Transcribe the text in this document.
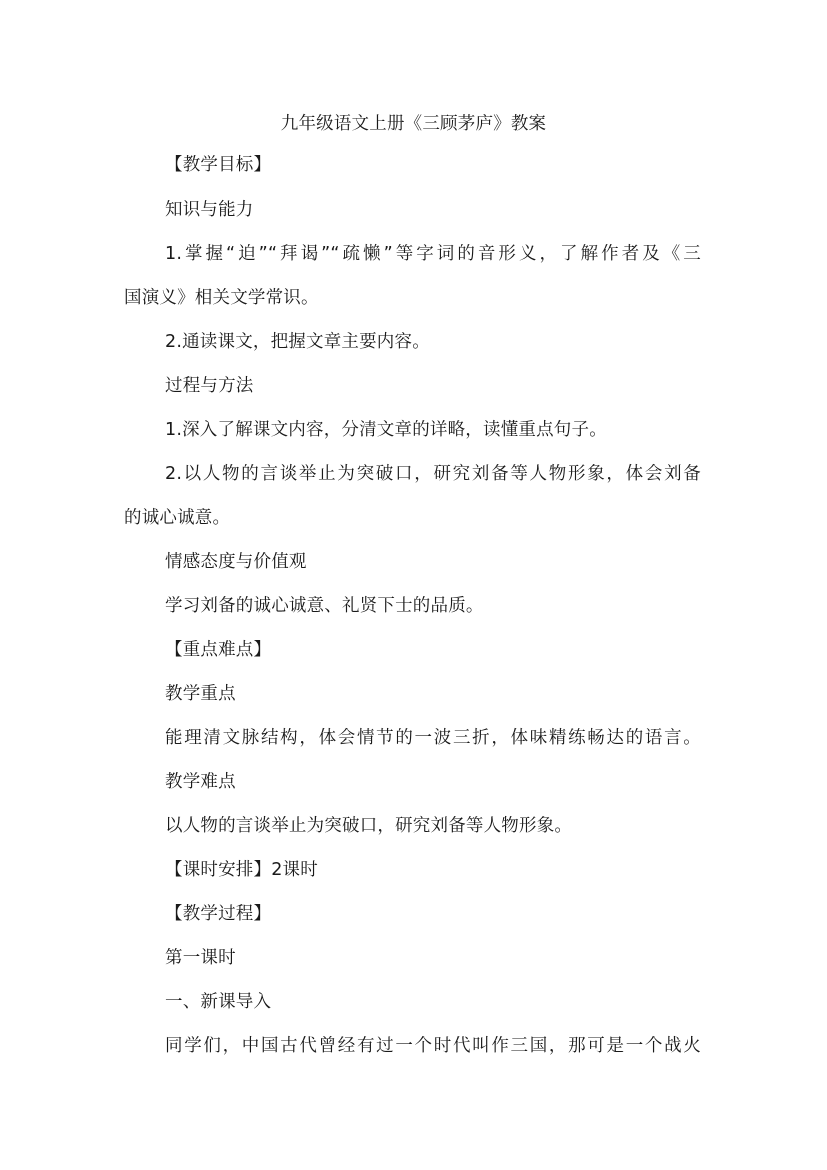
九年级语文上册《三顾茅庐》教案
【教学目标】
知识与能力
1.掌握“迫”“拜谒”“疏懒”等字词的音形义，了解作者及《三
国演义》相关文学常识。
2.通读课文，把握文章主要内容。
过程与方法
1.深入了解课文内容，分清文章的详略，读懂重点句子。
2.以人物的言谈举止为突破口，研究刘备等人物形象，体会刘备
的诚心诚意。
情感态度与价值观
学习刘备的诚心诚意、礼贤下士的品质。
【重点难点】
教学重点
能理清文脉结构，体会情节的一波三折，体味精练畅达的语言。
教学难点
以人物的言谈举止为突破口，研究刘备等人物形象。
【课时安排】2课时
【教学过程】
第一课时
一、新课导入
同学们，中国古代曾经有过一个时代叫作三国，那可是一个战火
